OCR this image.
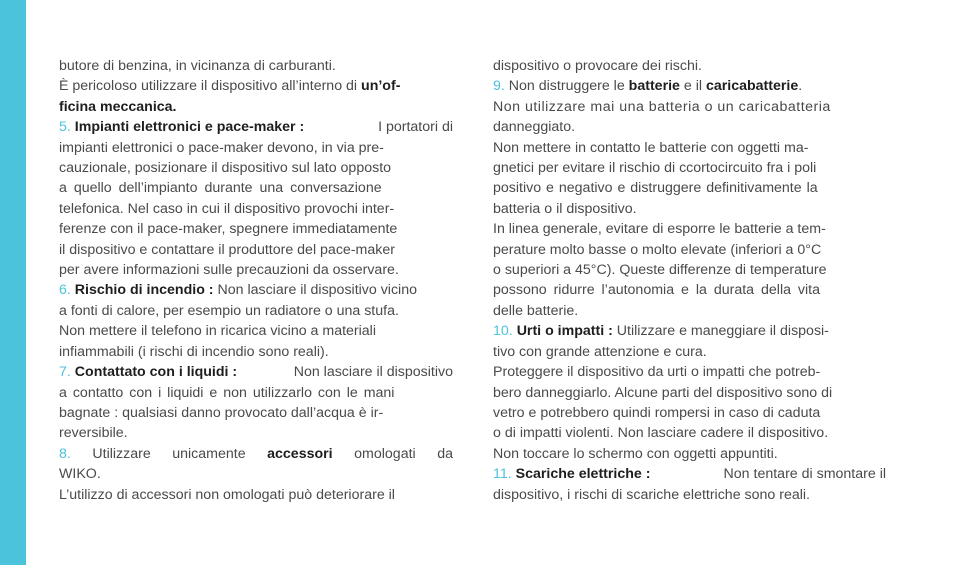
butore di benzina, in vicinanza di carburanti.
È pericoloso utilizzare il dispositivo all’interno di un’of-
ficina meccanica.
5. Impianti elettronici e pace-maker :	I portatori di
impianti elettronici o pace-maker devono, in via pre-
cauzionale, posizionare il dispositivo sul lato opposto
a quello dell’impianto durante una conversazione
telefonica. Nel caso in cui il dispositivo provochi inter-
ferenze con il pace-maker, spegnere immediatamente
il dispositivo e contattare il produttore del pace-maker
per avere informazioni sulle precauzioni da osservare.
6. Rischio di incendio : Non lasciare il dispositivo vicino
a fonti di calore, per esempio un radiatore o una stufa.
Non mettere il telefono in ricarica vicino a materiali
infiammabili (i rischi di incendio sono reali).
7. Contattato con i liquidi :	Non lasciare il dispositivo
a contatto con i liquidi e non utilizzarlo con le mani
bagnate : qualsiasi danno provocato dall’acqua è ir-
reversibile.
8. Utilizzare unicamente accessori omologati da
WIKO.
L’utilizzo di accessori non omologati può deteriorare il
dispositivo o provocare dei rischi.
9. Non distruggere le batterie e il caricabatterie.
Non utilizzare mai una batteria o un caricabatteria
danneggiato.
Non mettere in contatto le batterie con oggetti ma-
gnetici per evitare il rischio di ccortocircuito fra i poli
positivo e negativo e distruggere definitivamente la
batteria o il dispositivo.
In linea generale, evitare di esporre le batterie a tem-
perature molto basse o molto elevate (inferiori a 0°C
o superiori a 45°C). Queste differenze di temperature
possono ridurre l’autonomia e la durata della vita
delle batterie.
10. Urti o impatti : Utilizzare e maneggiare il disposi-
tivo con grande attenzione e cura.
Proteggere il dispositivo da urti o impatti che potreb-
bero danneggiarlo. Alcune parti del dispositivo sono di
vetro e potrebbero quindi rompersi in caso di caduta
o di impatti violenti. Non lasciare cadere il dispositivo.
Non toccare lo schermo con oggetti appuntiti.
11. Scariche elettriche :	Non tentare di smontare il
dispositivo, i rischi di scariche elettriche sono reali.
